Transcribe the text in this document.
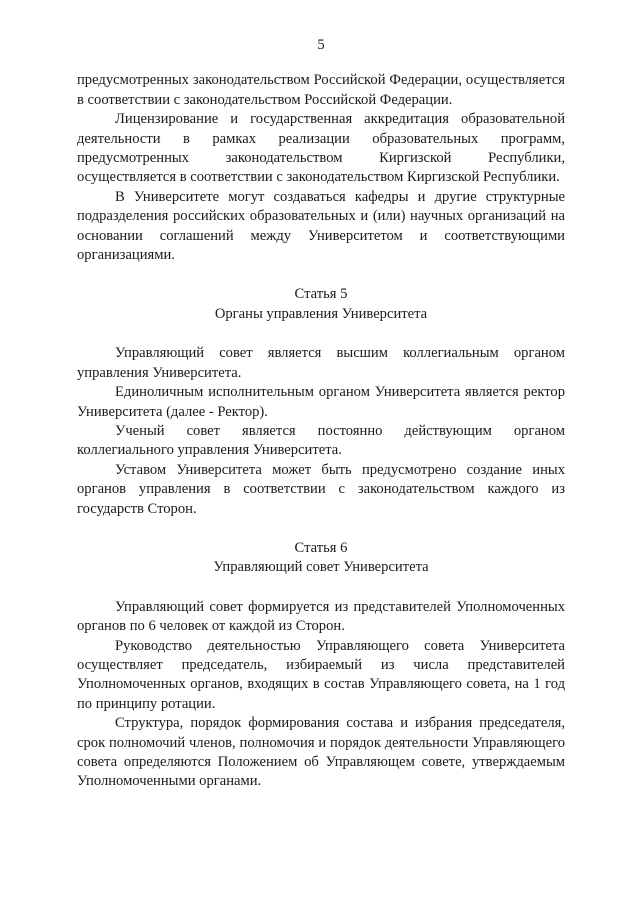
5

предусмотренных законодательством Российской Федерации, осуществляется в соответствии с законодательством Российской Федерации.

Лицензирование и государственная аккредитация образовательной деятельности в рамках реализации образовательных программ, предусмотренных законодательством Киргизской Республики, осуществляется в соответствии с законодательством Киргизской Республики.

В Университете могут создаваться кафедры и другие структурные подразделения российских образовательных и (или) научных организаций на основании соглашений между Университетом и соответствующими организациями.

Статья 5
Органы управления Университета

Управляющий совет является высшим коллегиальным органом управления Университета.

Единоличным исполнительным органом Университета является ректор Университета (далее - Ректор).

Ученый совет является постоянно действующим органом коллегиального управления Университета.

Уставом Университета может быть предусмотрено создание иных органов управления в соответствии с законодательством каждого из государств Сторон.

Статья 6
Управляющий совет Университета

Управляющий совет формируется из представителей Уполномоченных органов по 6 человек от каждой из Сторон.

Руководство деятельностью Управляющего совета Университета осуществляет председатель, избираемый из числа представителей Уполномоченных органов, входящих в состав Управляющего совета, на 1 год по принципу ротации.

Структура, порядок формирования состава и избрания председателя, срок полномочий членов, полномочия и порядок деятельности Управляющего совета определяются Положением об Управляющем совете, утверждаемым Уполномоченными органами.
